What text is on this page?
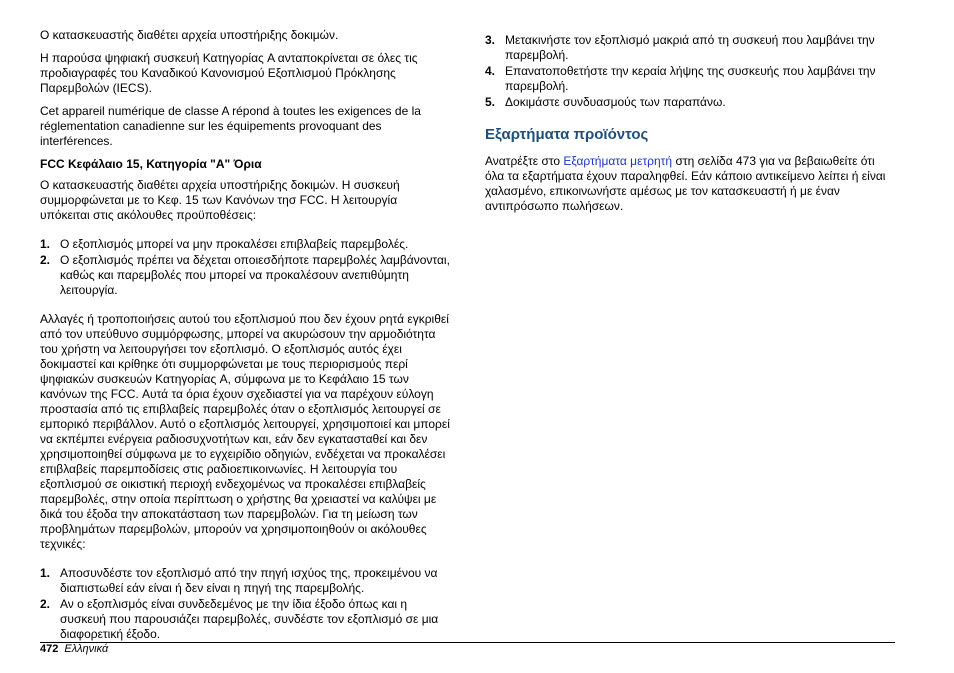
Ο κατασκευαστής διαθέτει αρχεία υποστήριξης δοκιμών.

Η παρούσα ψηφιακή συσκευή Κατηγορίας A ανταποκρίνεται σε όλες τις προδιαγραφές του Καναδικού Κανονισμού Εξοπλισμού Πρόκλησης Παρεμβολών (IECS).

Cet appareil numérique de classe A répond à toutes les exigences de la réglementation canadienne sur les équipements provoquant des interférences.

FCC Κεφάλαιο 15, Κατηγορία "A" Όρια

Ο κατασκευαστής διαθέτει αρχεία υποστήριξης δοκιμών. Η συσκευή συμμορφώνεται με το Κεφ. 15 των Κανόνων τησ FCC. Η λειτουργία υπόκειται στις ακόλουθες προϋποθέσεις:

1. Ο εξοπλισμός μπορεί να μην προκαλέσει επιβλαβείς παρεμβολές.
2. Ο εξοπλισμός πρέπει να δέχεται οποιεσδήποτε παρεμβολές λαμβάνονται, καθώς και παρεμβολές που μπορεί να προκαλέσουν ανεπιθύμητη λειτουργία.

Αλλαγές ή τροποποιήσεις αυτού του εξοπλισμού που δεν έχουν ρητά εγκριθεί από τον υπεύθυνο συμμόρφωσης, μπορεί να ακυρώσουν την αρμοδιότητα του χρήστη να λειτουργήσει τον εξοπλισμό. Ο εξοπλισμός αυτός έχει δοκιμαστεί και κρίθηκε ότι συμμορφώνεται με τους περιορισμούς περί ψηφιακών συσκευών Κατηγορίας A, σύμφωνα με το Κεφάλαιο 15 των κανόνων της FCC. Αυτά τα όρια έχουν σχεδιαστεί για να παρέχουν εύλογη προστασία από τις επιβλαβείς παρεμβολές όταν ο εξοπλισμός λειτουργεί σε εμπορικό περιβάλλον. Αυτό ο εξοπλισμός λειτουργεί, χρησιμοποιεί και μπορεί να εκπέμπει ενέργεια ραδιοσυχνοτήτων και, εάν δεν εγκατασταθεί και δεν χρησιμοποιηθεί σύμφωνα με το εγχειρίδιο οδηγιών, ενδέχεται να προκαλέσει επιβλαβείς παρεμποδίσεις στις ραδιοεπικοινωνίες. Η λειτουργία του εξοπλισμού σε οικιστική περιοχή ενδεχομένως να προκαλέσει επιβλαβείς παρεμβολές, στην οποία περίπτωση ο χρήστης θα χρειαστεί να καλύψει με δικά του έξοδα την αποκατάσταση των παρεμβολών. Για τη μείωση των προβλημάτων παρεμβολών, μπορούν να χρησιμοποιηθούν οι ακόλουθες τεχνικές:

1. Αποσυνδέστε τον εξοπλισμό από την πηγή ισχύος της, προκειμένου να διαπιστωθεί εάν είναι ή δεν είναι η πηγή της παρεμβολής.
2. Αν ο εξοπλισμός είναι συνδεδεμένος με την ίδια έξοδο όπως και η συσκευή που παρουσιάζει παρεμβολές, συνδέστε τον εξοπλισμό σε μια διαφορετική έξοδο.
3. Μετακινήστε τον εξοπλισμό μακριά από τη συσκευή που λαμβάνει την παρεμβολή.
4. Επανατοποθετήστε την κεραία λήψης της συσκευής που λαμβάνει την παρεμβολή.
5. Δοκιμάστε συνδυασμούς των παραπάνω.
Εξαρτήματα προϊόντος

Ανατρέξτε στο Εξαρτήματα μετρητή στη σελίδα 473 για να βεβαιωθείτε ότι όλα τα εξαρτήματα έχουν παραληφθεί. Εάν κάποιο αντικείμενο λείπει ή είναι χαλασμένο, επικοινωνήστε αμέσως με τον κατασκευαστή ή με έναν αντιπρόσωπο πωλήσεων.

472 Ελληνικά
